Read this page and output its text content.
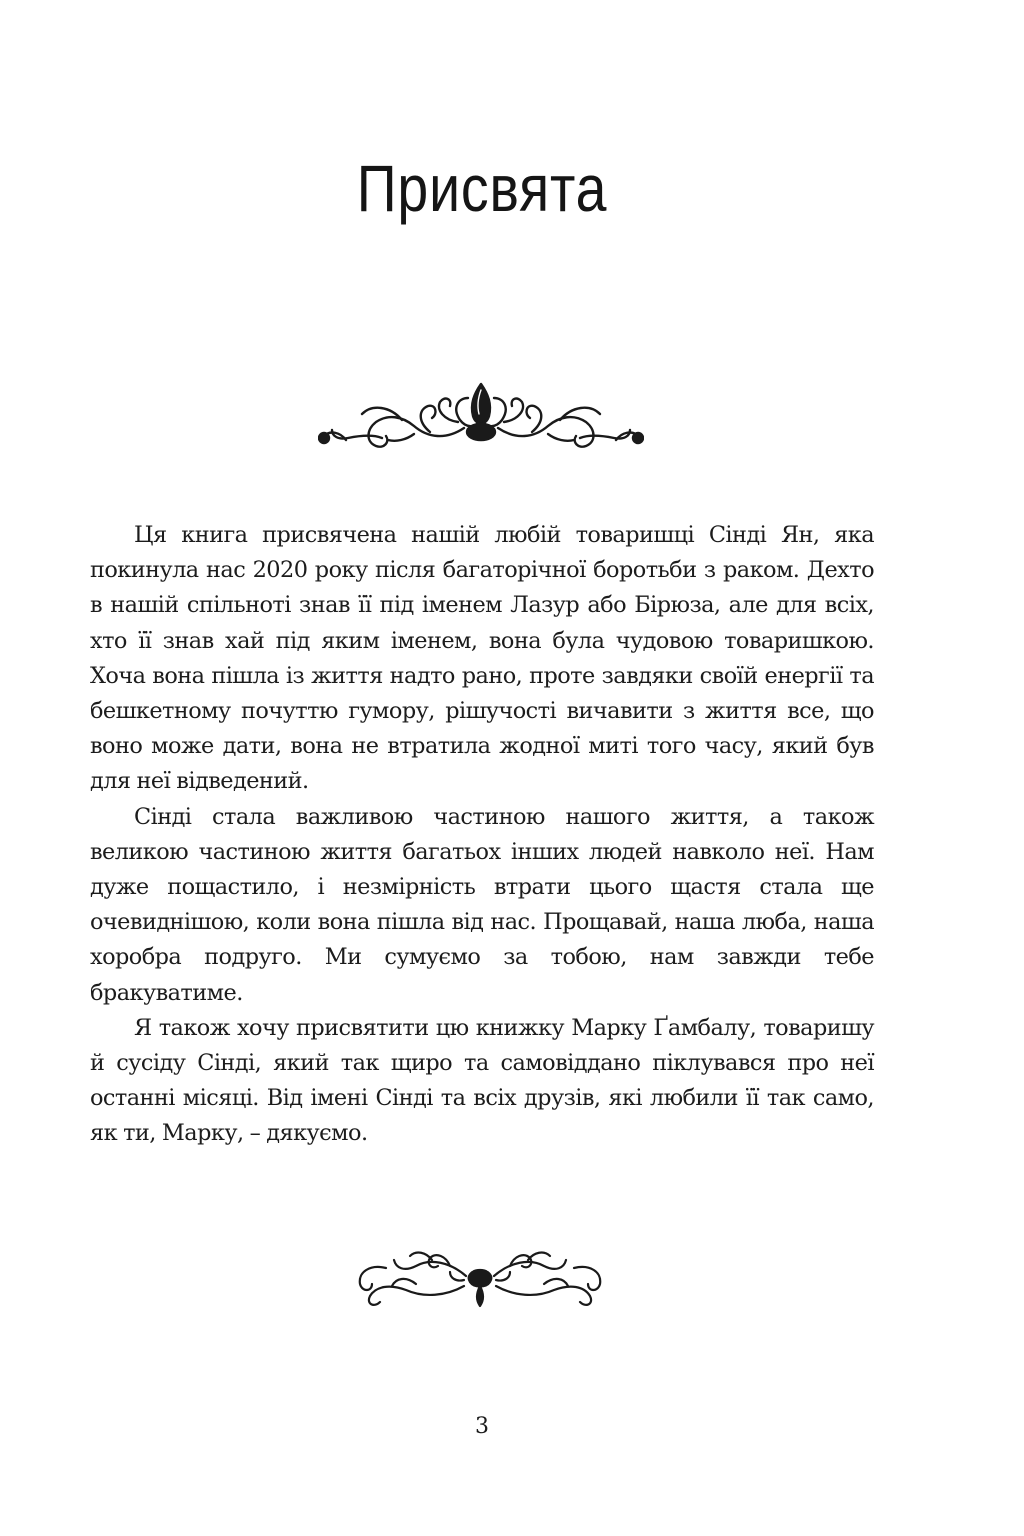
Присвята

Ця книга присвячена нашій любій товаришці Сінді Ян, яка покинула нас 2020 року після багаторічної боротьби з раком. Дехто в нашій спільноті знав її під іменем Лазур або Бірюза, але для всіх, хто її знав хай під яким іменем, вона була чудовою товаришкою. Хоча вона пішла із життя надто рано, проте завдяки своїй енергії та бешкетному почуттю гумору, рішучості вичавити з життя все, що воно може дати, вона не втратила жодної миті того часу, який був для неї відведений.

Сінді стала важливою частиною нашого життя, а також великою частиною життя багатьох інших людей навколо неї. Нам дуже пощастило, і незмірність втрати цього щастя стала ще очевиднішою, коли вона пішла від нас. Прощавай, наша люба, наша хоробра подруго. Ми сумуємо за тобою, нам завжди тебе бракуватиме.

Я також хочу присвятити цю книжку Марку Ґамбалу, товаришу й сусіду Сінді, який так щиро та самовіддано піклувався про неї останні місяці. Від імені Сінді та всіх друзів, які любили її так само, як ти, Марку, – дякуємо.

3
